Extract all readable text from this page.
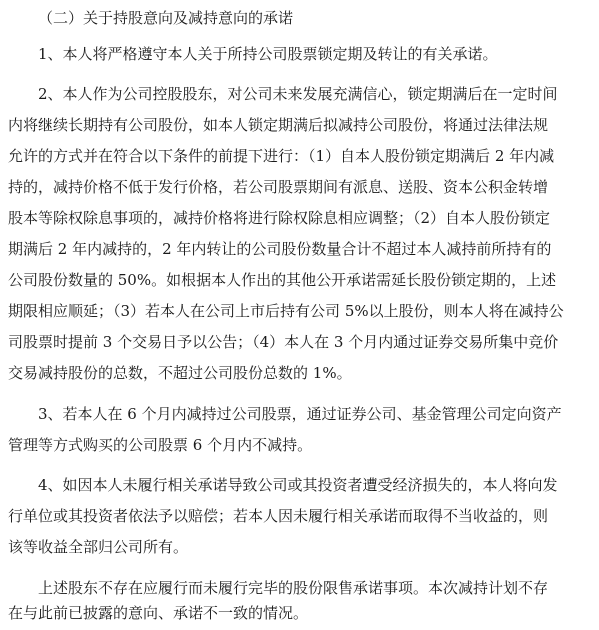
（二）关于持股意向及减持意向的承诺
1、本人将严格遵守本人关于所持公司股票锁定期及转让的有关承诺。
2、本人作为公司控股股东，对公司未来发展充满信心，锁定期满后在一定时间
内将继续长期持有公司股份，如本人锁定期满后拟减持公司股份，将通过法律法规
允许的方式并在符合以下条件的前提下进行：（1）自本人股份锁定期满后 2 年内减
持的，减持价格不低于发行价格，若公司股票期间有派息、送股、资本公积金转增
股本等除权除息事项的，减持价格将进行除权除息相应调整；（2）自本人股份锁定
期满后 2 年内减持的，2 年内转让的公司股份数量合计不超过本人减持前所持有的
公司股份数量的 50%。如根据本人作出的其他公开承诺需延长股份锁定期的，上述
期限相应顺延；（3）若本人在公司上市后持有公司 5%以上股份，则本人将在减持公
司股票时提前 3 个交易日予以公告；（4）本人在 3 个月内通过证券交易所集中竞价
交易减持股份的总数，不超过公司股份总数的 1%。
3、若本人在 6 个月内减持过公司股票，通过证券公司、基金管理公司定向资产
管理等方式购买的公司股票 6 个月内不减持。
4、如因本人未履行相关承诺导致公司或其投资者遭受经济损失的，本人将向发
行单位或其投资者依法予以赔偿；若本人因未履行相关承诺而取得不当收益的，则
该等收益全部归公司所有。
上述股东不存在应履行而未履行完毕的股份限售承诺事项。本次减持计划不存
在与此前已披露的意向、承诺不一致的情况。
